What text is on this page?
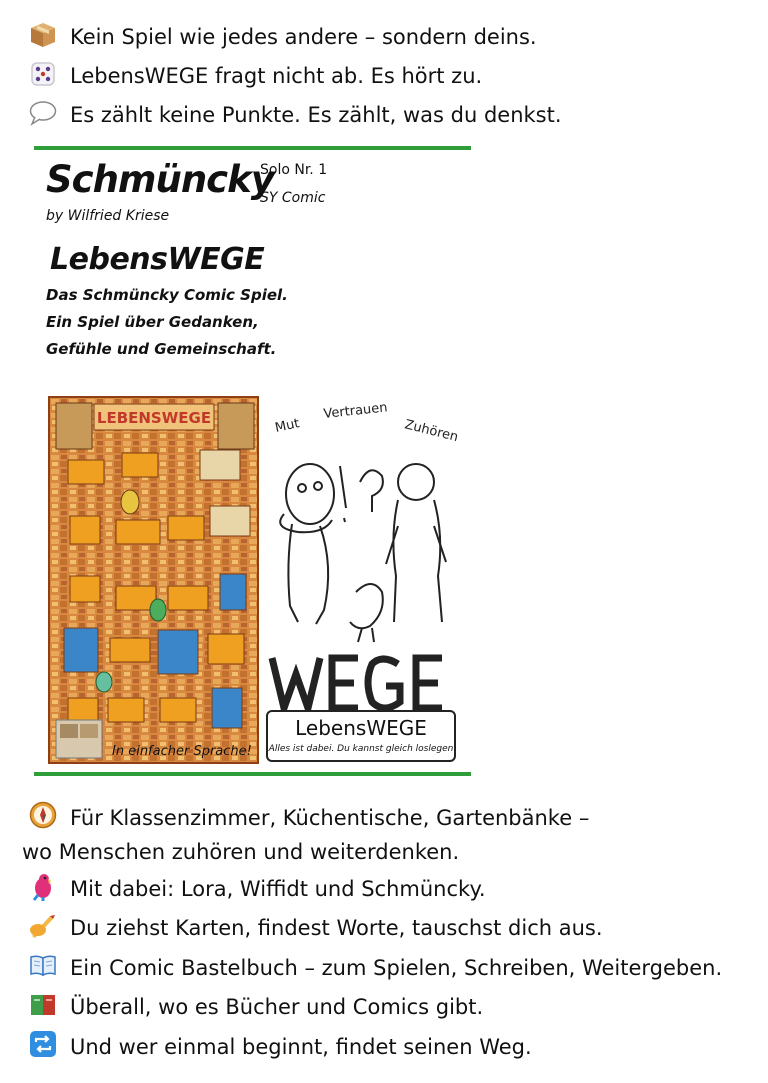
Kein Spiel wie jedes andere – sondern deins.
LebensWEGE fragt nicht ab. Es hört zu.
Es zählt keine Punkte. Es zählt, was du denkst.
Schmüncky
Solo Nr. 1
SY Comic
by Wilfried Kriese
LebensWEGE
Das Schmüncky Comic Spiel.
Ein Spiel über Gedanken,
Gefühle und Gemeinschaft.
LEBENSWEGE
In einfacher Sprache!
Mut
Vertrauen
Zuhören
LebensWEGE
Alles ist dabei. Du kannst gleich loslegen
Für Klassenzimmer, Küchentische, Gartenbänke –
wo Menschen zuhören und weiterdenken.
Mit dabei: Lora, Wiffidt und Schmüncky.
Du ziehst Karten, findest Worte, tauschst dich aus.
Ein Comic Bastelbuch – zum Spielen, Schreiben, Weitergeben.
Überall, wo es Bücher und Comics gibt.
Und wer einmal beginnt, findet seinen Weg.
